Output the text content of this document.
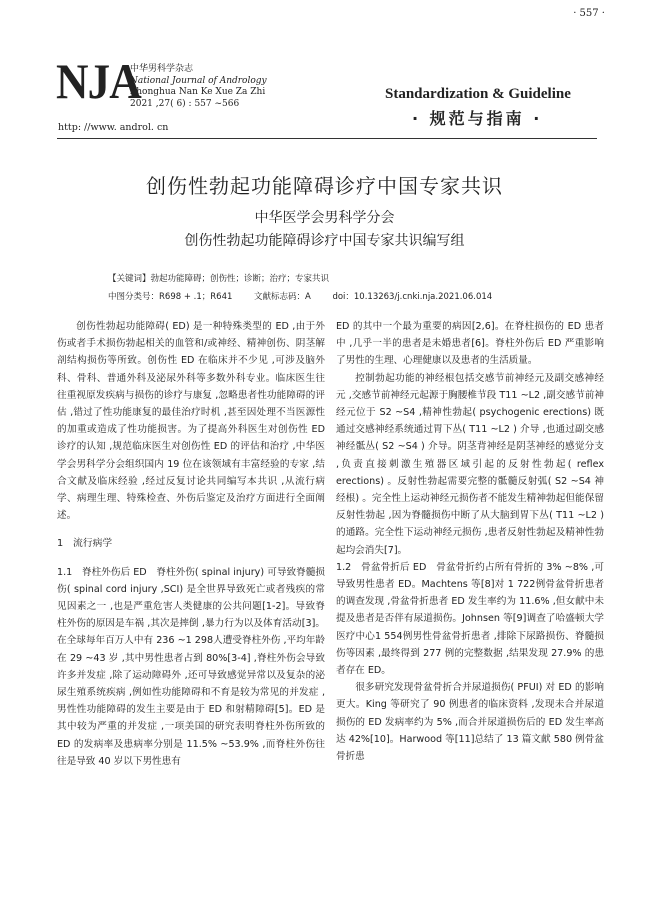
· 557 ·
NJA
中华男科学杂志
National Journal of Andrology
Zhonghua Nan Ke Xue Za Zhi
2021 ,27( 6) : 557 ~566
http: //www. androl. cn
Standardization & Guideline
· 规范与指南 ·
创伤性勃起功能障碍诊疗中国专家共识
中华医学会男科学分会
创伤性勃起功能障碍诊疗中国专家共识编写组
【关键词】勃起功能障碍；创伤性；诊断；治疗；专家共识
中图分类号：R698 + .1；R641        文献标志码：A        doi：10.13263/j.cnki.nja.2021.06.014

创伤性勃起功能障碍( ED) 是一种特殊类型的 ED ,由于外伤或者手术损伤勃起相关的血管和/或神经、精神创伤、阴茎解剖结构损伤等所致。创伤性 ED 在临床并不少见 ,可涉及脑外科、骨科、普通外科及泌尿外科等多数外科专业。临床医生往往重视原发疾病与损伤的诊疗与康复 ,忽略患者性功能障碍的评估 ,错过了性功能康复的最佳治疗时机 ,甚至因处理不当医源性的加重或造成了性功能损害。为了提高外科医生对创伤性 ED 诊疗的认知 ,规范临床医生对创伤性 ED 的评估和治疗 ,中华医学会男科学分会组织国内 19 位在该领域有丰富经验的专家 ,结合文献及临床经验 ,经过反复讨论共同编写本共识 ,从流行病学、病理生理、特殊检查、外伤后鉴定及治疗方面进行全面阐述。

1　流行病学

1.1　脊柱外伤后 ED　脊柱外伤( spinal injury) 可导致脊髓损伤( spinal cord injury ,SCI) 是全世界导致死亡或者残疾的常见因素之一 ,也是严重危害人类健康的公共问题[1-2]。导致脊柱外伤的原因是车祸 ,其次是摔倒 ,暴力行为以及体育活动[3]。在全球每年百万人中有 236 ~1 298人遭受脊柱外伤 ,平均年龄在 29 ~43 岁 ,其中男性患者占到 80%[3-4] ,脊柱外伤会导致许多并发症 ,除了运动障碍外 ,还可导致感觉异常以及复杂的泌尿生殖系统疾病 ,例如性功能障碍和不育是较为常见的并发症 ,男性性功能障碍的发生主要是由于 ED 和射精障碍[5]。ED 是其中较为严重的并发症 ,一项美国的研究表明脊柱外伤所致的 ED 的发病率及患病率分别是 11.5% ~53.9% ,而脊柱外伤往往是导致 40 岁以下男性患有

ED 的其中一个最为重要的病因[2,6]。在脊柱损伤的 ED 患者中 ,几乎一半的患者是未婚患者[6]。脊柱外伤后 ED 严重影响了男性的生理、心理健康以及患者的生活质量。

控制勃起功能的神经根包括交感节前神经元及副交感神经元 ,交感节前神经元起源于胸腰椎节段 T11 ~L2 ,副交感节前神经元位于 S2 ~S4 ,精神性勃起( psychogenic erections) 既通过交感神经系统通过胃下丛( T11 ~L2 ) 介导 ,也通过副交感神经骶丛( S2 ~S4 ) 介导。阴茎背神经是阴茎神经的感觉分支 ,负责直接刺激生殖器区域引起的反射性勃起( reflex erections) 。反射性勃起需要完整的骶髓反射弧( S2 ~S4 神经根) 。完全性上运动神经元损伤者不能发生精神勃起但能保留反射性勃起 ,因为脊髓损伤中断了从大脑到胃下丛( T11 ~L2 ) 的通路。完全性下运动神经元损伤 ,患者反射性勃起及精神性勃起均会消失[7]。

1.2　骨盆骨折后 ED　骨盆骨折约占所有骨折的 3% ~8% ,可导致男性患者 ED。Machtens 等[8]对 1 722例骨盆骨折患者的调查发现 ,骨盆骨折患者 ED 发生率约为 11.6% ,但女献中未提及患者是否伴有尿道损伤。Johnsen 等[9]调查了哈盛顿大学医疗中心1 554例男性骨盆骨折患者 ,排除下尿路损伤、脊髓损伤等因素 ,最终得到 277 例的完整数据 ,结果发现 27.9% 的患者存在 ED。

很多研究发现骨盆骨折合并尿道损伤( PFUI) 对 ED 的影响更大。King 等研究了 90 例患者的临床资料 ,发现未合并尿道损伤的 ED 发病率约为 5% ,而合并尿道损伤后的 ED 发生率高达 42%[10]。Harwood 等[11]总结了 13 篇文献 580 例骨盆骨折患
